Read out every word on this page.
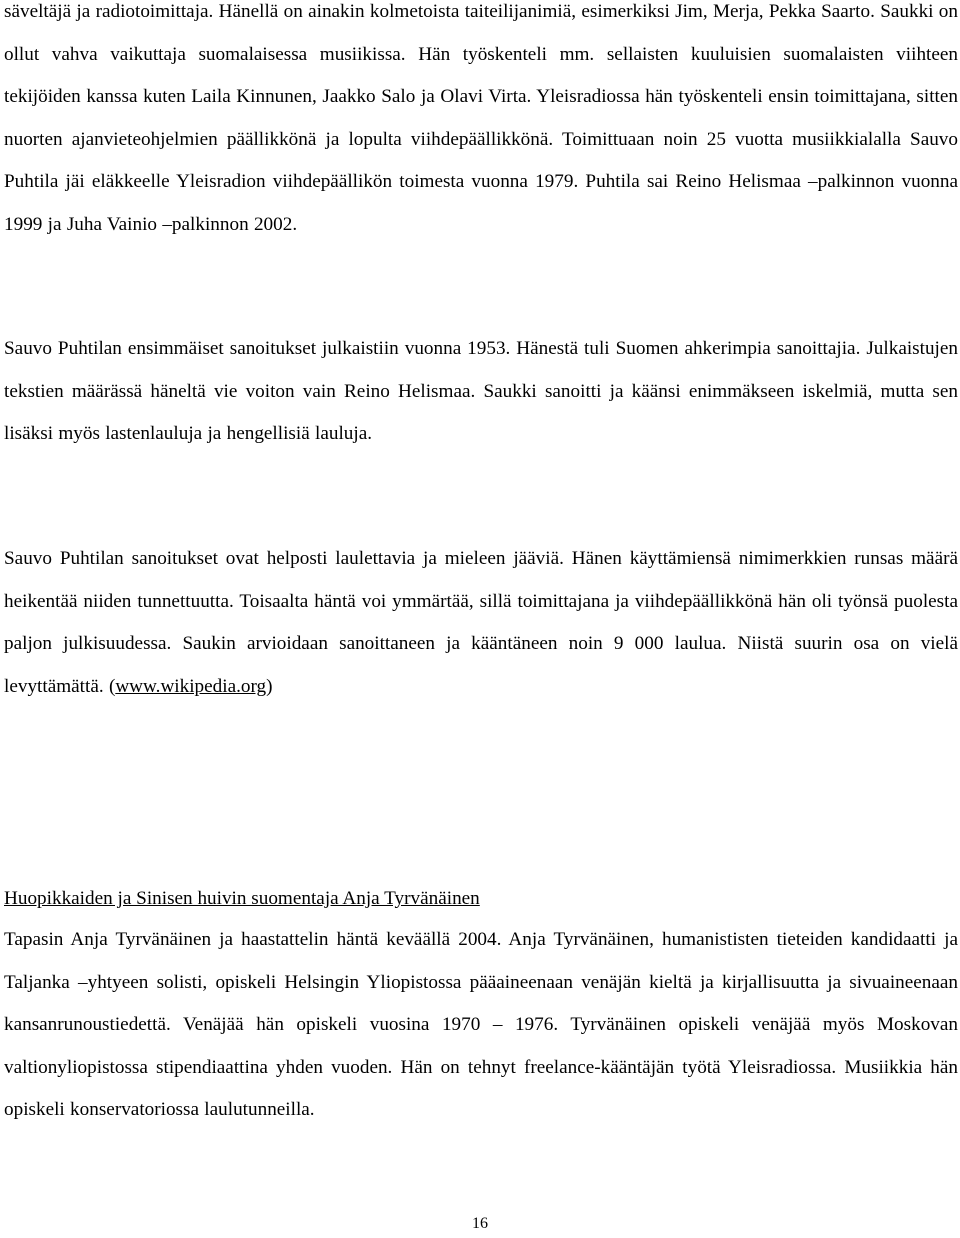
säveltäjä ja radiotoimittaja. Hänellä on ainakin kolmetoista taiteilijanimiä, esimerkiksi Jim, Merja, Pekka Saarto. Saukki on ollut vahva vaikuttaja suomalaisessa musiikissa. Hän työskenteli mm. sellaisten kuuluisien suomalaisten viihteen tekijöiden kanssa kuten Laila Kinnunen, Jaakko Salo ja Olavi Virta. Yleisradiossa hän työskenteli ensin toimittajana, sitten nuorten ajanvieteohjelmien päällikkönä ja lopulta viihdepäällikkönä. Toimittuaan noin 25 vuotta musiikkialalla Sauvo Puhtila jäi eläkkeelle Yleisradion viihdepäällikön toimesta vuonna 1979. Puhtila sai Reino Helismaa –palkinnon vuonna 1999 ja Juha Vainio –palkinnon 2002.

Sauvo Puhtilan ensimmäiset sanoitukset julkaistiin vuonna 1953. Hänestä tuli Suomen ahkerimpia sanoittajia. Julkaistujen tekstien määrässä häneltä vie voiton vain Reino Helismaa. Saukki sanoitti ja käänsi enimmäkseen iskelmiä, mutta sen lisäksi myös lastenlauluja ja hengellisiä lauluja.

Sauvo Puhtilan sanoitukset ovat helposti laulettavia ja mieleen jääviä. Hänen käyttämiensä nimimerkkien runsas määrä heikentää niiden tunnettuutta. Toisaalta häntä voi ymmärtää, sillä toimittajana ja viihdepäällikkönä hän oli työnsä puolesta paljon julkisuudessa. Saukin arvioidaan sanoittaneen ja kääntäneen noin 9 000 laulua. Niistä suurin osa on vielä levyttämättä. (www.wikipedia.org)

Huopikkaiden ja Sinisen huivin suomentaja Anja Tyrvänäinen

Tapasin Anja Tyrvänäinen ja haastattelin häntä keväällä 2004. Anja Tyrvänäinen, humanististen tieteiden kandidaatti ja Taljanka –yhtyeen solisti, opiskeli Helsingin Yliopistossa pääaineenaan venäjän kieltä ja kirjallisuutta ja sivuaineenaan kansanrunoustiedettä. Venäjää hän opiskeli vuosina 1970 – 1976. Tyrvänäinen opiskeli venäjää myös Moskovan valtionyliopistossa stipendiaattina yhden vuoden. Hän on tehnyt freelance-kääntäjän työtä Yleisradiossa. Musiikkia hän opiskeli konservatoriossa laulutunneilla.

16
